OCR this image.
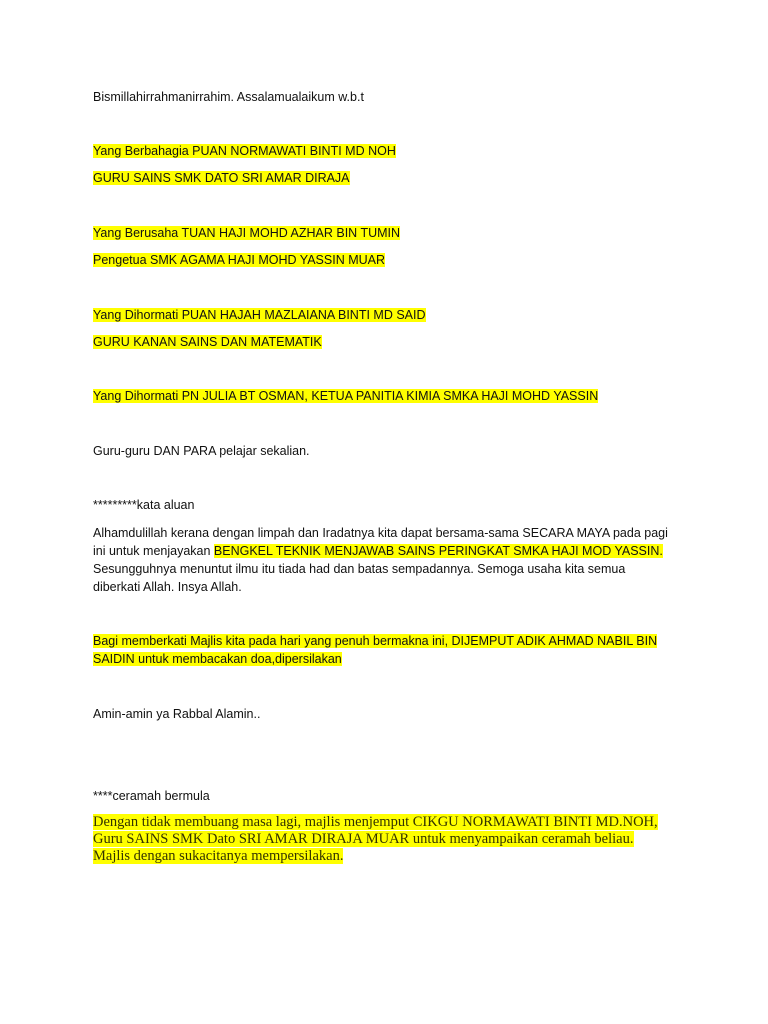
Bismillahirrahmanirrahim. Assalamualaikum w.b.t
Yang Berbahagia PUAN NORMAWATI BINTI MD NOH
GURU SAINS SMK DATO SRI AMAR DIRAJA
Yang Berusaha TUAN HAJI MOHD AZHAR BIN TUMIN
Pengetua SMK AGAMA HAJI MOHD YASSIN MUAR
Yang Dihormati PUAN HAJAH MAZLAIANA BINTI MD SAID
GURU KANAN SAINS DAN MATEMATIK
Yang Dihormati PN JULIA BT OSMAN, KETUA PANITIA KIMIA SMKA HAJI MOHD YASSIN
Guru-guru DAN PARA pelajar sekalian.
*********kata aluan
Alhamdulillah kerana dengan limpah dan Iradatnya kita dapat bersama-sama SECARA MAYA pada pagi ini untuk menjayakan BENGKEL TEKNIK MENJAWAB SAINS PERINGKAT SMKA HAJI MOD YASSIN. Sesungguhnya menuntut ilmu itu tiada had dan batas sempadannya. Semoga usaha kita semua diberkati Allah. Insya Allah.
Bagi memberkati Majlis kita pada hari yang penuh bermakna ini, DIJEMPUT ADIK AHMAD NABIL BIN SAIDIN untuk membacakan doa,dipersilakan
Amin-amin ya Rabbal Alamin..
****ceramah bermula
Dengan tidak membuang masa lagi, majlis menjemput CIKGU NORMAWATI BINTI MD.NOH, Guru SAINS SMK Dato SRI AMAR DIRAJA MUAR untuk menyampaikan ceramah beliau.
Majlis dengan sukacitanya mempersilakan.
